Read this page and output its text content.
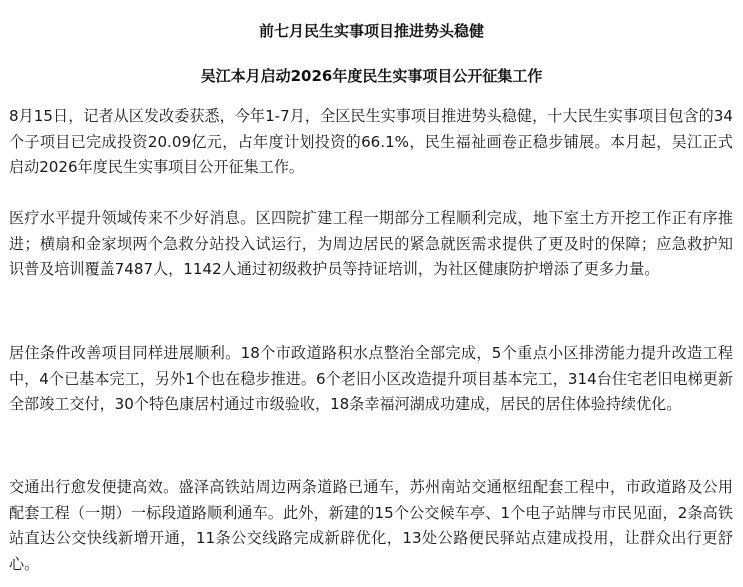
前七月民生实事项目推进势头稳健
吴江本月启动2026年度民生实事项目公开征集工作

8月15日，记者从区发改委获悉，今年1-7月，全区民生实事项目推进势头稳健，十大民生实事项目包含的34个子项目已完成投资20.09亿元，占年度计划投资的66.1%，民生福祉画卷正稳步铺展。本月起，吴江正式启动2026年度民生实事项目公开征集工作。

医疗水平提升领域传来不少好消息。区四院扩建工程一期部分工程顺利完成，地下室土方开挖工作正有序推进；横扇和金家坝两个急救分站投入试运行，为周边居民的紧急就医需求提供了更及时的保障；应急救护知识普及培训覆盖7487人，1142人通过初级救护员等持证培训，为社区健康防护增添了更多力量。

居住条件改善项目同样进展顺利。18个市政道路积水点整治全部完成，5个重点小区排涝能力提升改造工程中，4个已基本完工，另外1个也在稳步推进。6个老旧小区改造提升项目基本完工，314台住宅老旧电梯更新全部竣工交付，30个特色康居村通过市级验收，18条幸福河湖成功建成，居民的居住体验持续优化。

交通出行愈发便捷高效。盛泽高铁站周边两条道路已通车，苏州南站交通枢纽配套工程中，市政道路及公用配套工程（一期）一标段道路顺利通车。此外，新建的15个公交候车亭、1个电子站牌与市民见面，2条高铁站直达公交快线新增开通，11条公交线路完成新辟优化，13处公路便民驿站点建成投用，让群众出行更舒心。
